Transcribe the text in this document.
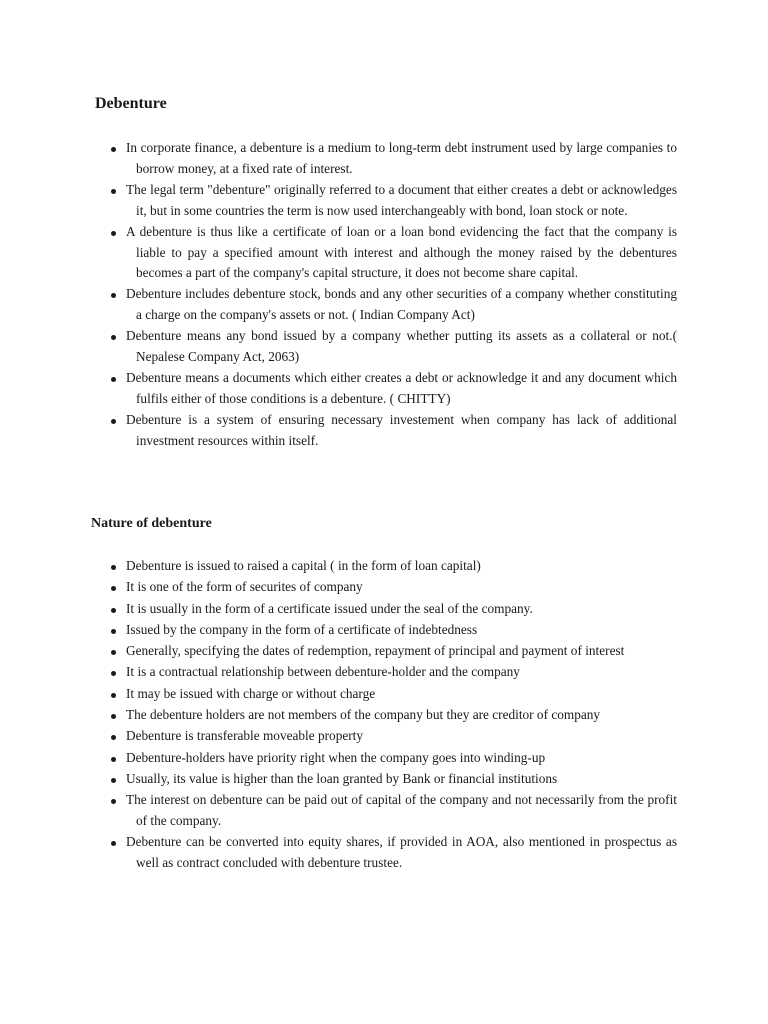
Debenture
In corporate finance, a debenture is a medium to long-term debt instrument used by large companies to borrow money, at a fixed rate of interest.
The legal term "debenture" originally referred to a document that either creates a debt or acknowledges it, but in some countries the term is now used interchangeably with bond, loan stock or note.
A debenture is thus like a certificate of loan or a loan bond evidencing the fact that the company is liable to pay a specified amount with interest and although the money raised by the debentures becomes a part of the company's capital structure, it does not become share capital.
Debenture includes debenture stock, bonds and any other securities of a company whether constituting a charge on the company's assets or not. ( Indian Company Act)
Debenture means any bond issued by a company whether putting its assets as a collateral or not.( Nepalese Company Act, 2063)
Debenture means a documents which either creates a debt or acknowledge it and any document which fulfils either of those conditions is a debenture. ( CHITTY)
Debenture is a system of ensuring necessary investement when company has lack of additional investment resources within itself.
Nature of debenture
Debenture is issued to raised a capital ( in the form of loan capital)
It is one of the form of securites of company
It is usually in the form of a certificate issued under the seal of the company.
Issued by the company in the form of a certificate of indebtedness
Generally, specifying the dates of redemption, repayment of principal and payment of interest
It is a contractual relationship between debenture-holder and the company
It may be issued with charge or without charge
The debenture holders are not members of the company but they are creditor of company
Debenture is transferable moveable property
Debenture-holders have priority right when the company goes into winding-up
Usually, its value is higher than the loan granted by Bank or financial institutions
The interest on debenture can be paid out of capital of the company and not necessarily from the profit of the company.
Debenture can be converted into equity shares, if provided in AOA, also mentioned in prospectus as well as contract concluded with debenture trustee.
